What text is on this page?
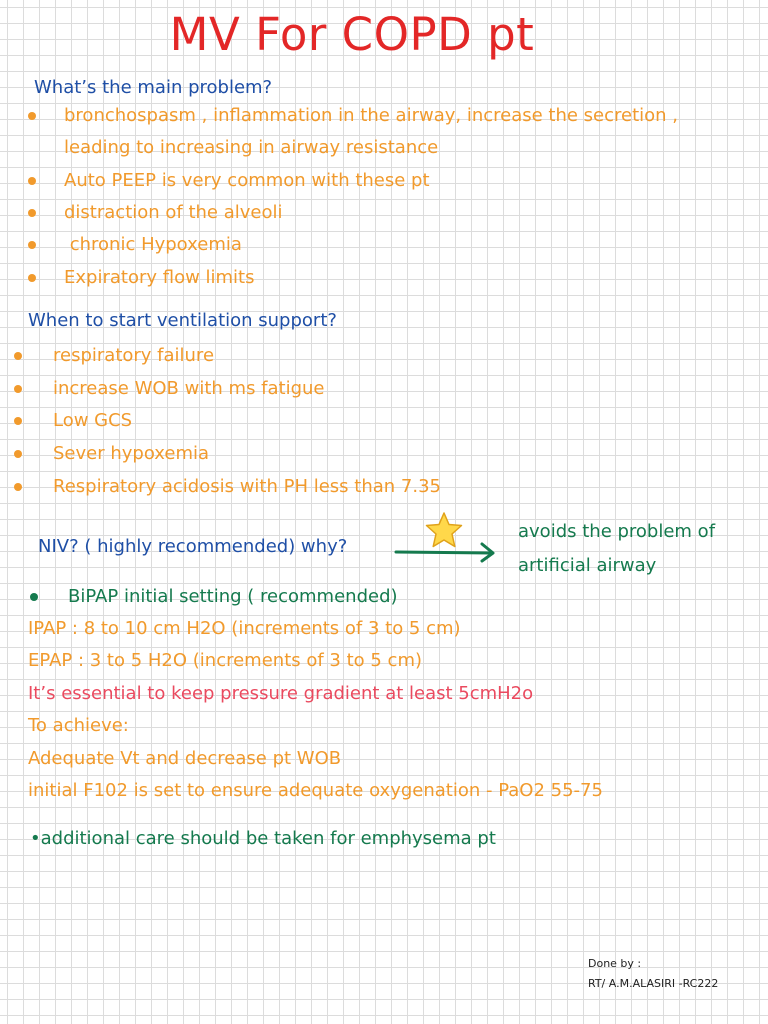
MV For COPD pt
What’s the main problem?
bronchospasm , inflammation in the airway, increase the secretion ,
leading to increasing in airway resistance
Auto PEEP is very common with these pt
distraction of the alveoli
chronic Hypoxemia
Expiratory flow limits
When to start ventilation support?
respiratory failure
increase WOB with ms fatigue
Low GCS
Sever hypoxemia
Respiratory acidosis with PH less than 7.35
NIV? ( highly recommended) why?
avoids the problem of
artificial airway
BiPAP initial setting ( recommended)
IPAP : 8 to 10 cm H2O (increments of 3 to 5 cm)
EPAP : 3 to 5 H2O (increments of 3 to 5 cm)
It’s essential to keep pressure gradient at least 5cmH2o
To achieve:
Adequate Vt and decrease pt WOB
initial F102 is set to ensure adequate oxygenation - PaO2 55-75
•additional care should be taken for emphysema pt
Done by :
RT/ A.M.ALASIRI -RC222
